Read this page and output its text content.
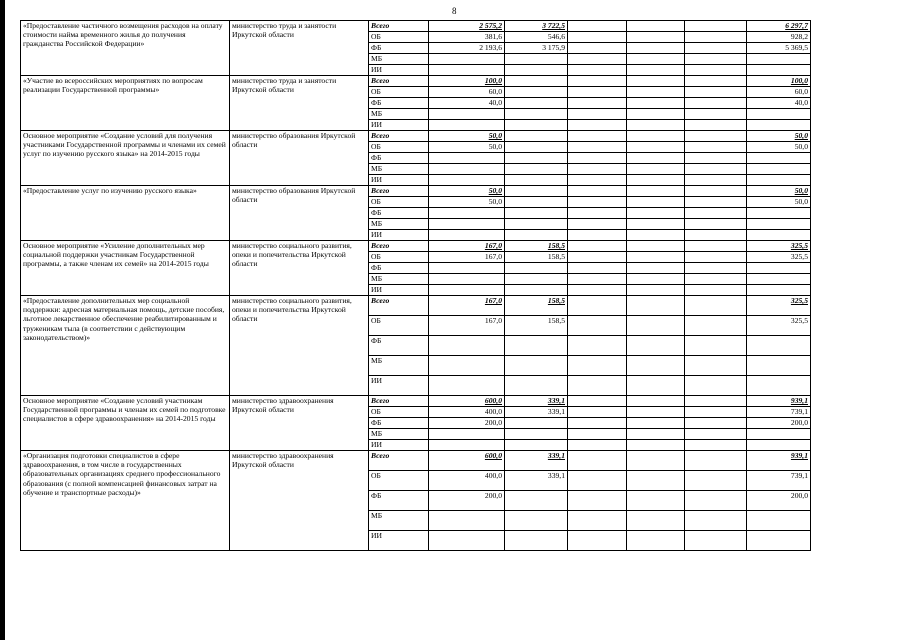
8
«Предоставление частичного возмещения расходов на оплату стоимости найма временного жилья до получения гражданства Российской Федерации»	министерство труда и занятости Иркутской области	Всего	2 575,2	3 722,5				6 297,7
		ОБ	381,6	546,6				928,2
		ФБ	2 193,6	3 175,9				5 369,5
		МБ						
		ИИ						
«Участие во всероссийских мероприятиях по вопросам реализации Государственной программы»	министерство труда и занятости Иркутской области	Всего	100,0					100,0
		ОБ	60,0					60,0
		ФБ	40,0					40,0
		МБ						
		ИИ						
Основное мероприятие «Создание условий для получения участниками Государственной программы и членами их семей услуг по изучению русского языка» на 2014-2015 годы	министерство образования Иркутской области	Всего	50,0					50,0
		ОБ	50,0					50,0
		ФБ						
		МБ						
		ИИ						
«Предоставление услуг по изучению русского языка»	министерство образования Иркутской области	Всего	50,0					50,0
		ОБ	50,0					50,0
		ФБ						
		МБ						
		ИИ						
Основное мероприятие «Усиление дополнительных мер социальной поддержки участникам Государственной программы, а также членам их семей» на 2014-2015 годы	министерство социального развития, опеки и попечительства Иркутской области	Всего	167,0	158,5				325,5
		ОБ	167,0	158,5				325,5
		ФБ						
		МБ						
		ИИ						
«Предоставление дополнительных мер социальной поддержки: адресная материальная помощь, детские пособия, льготное лекарственное обеспечение реабилитированным и труженикам тыла (в соответствии с действующим законодательством)»	министерство социального развития, опеки и попечительства Иркутской области	Всего	167,0	158,5				325,5
		ОБ	167,0	158,5				325,5
		ФБ						
		МБ						
		ИИ						
Основное мероприятие «Создание условий участникам Государственной программы и членам их семей по подготовке специалистов в сфере здравоохранения» на 2014-2015 годы	министерство здравоохранения Иркутской области	Всего	600,0	339,1				939,1
		ОБ	400,0	339,1				739,1
		ФБ	200,0					200,0
		МБ						
		ИИ						
«Организация подготовки специалистов в сфере здравоохранения, в том числе в государственных образовательных организациях среднего профессионального образования (с полной компенсацией финансовых затрат на обучение и транспортные расходы)»	министерство здравоохранения Иркутской области	Всего	600,0	339,1				939,1
		ОБ	400,0	339,1				739,1
		ФБ	200,0					200,0
		МБ						
		ИИ						
